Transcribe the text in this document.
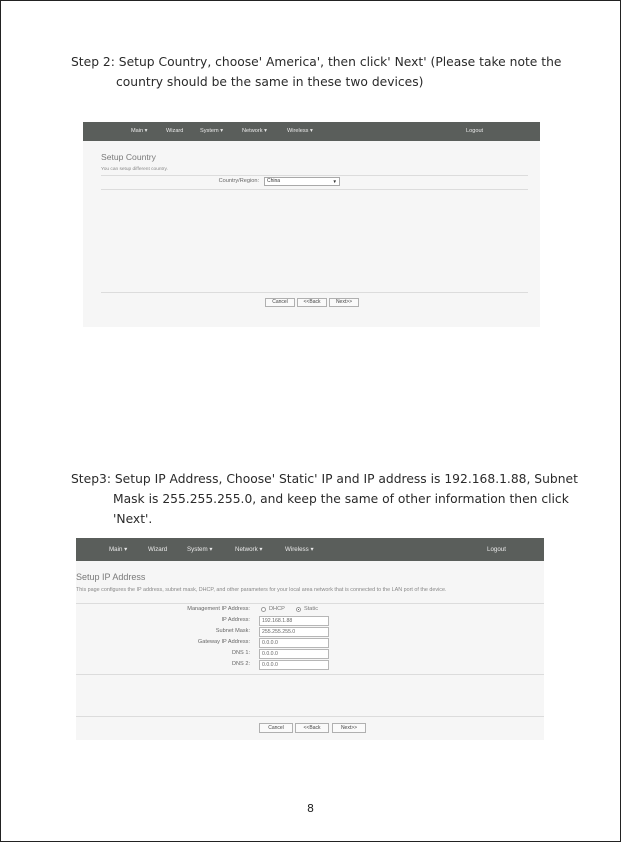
Step 2: Setup Country, choose' America', then click' Next' (Please take note the
country should be the same in these two devices)
Main ▾	Wizard	System ▾	Network ▾	Wireless ▾	Logout
Setup Country
You can setup different country.
Country/Region:	China	▼
Cancel	<<Back	Next>>
Step3: Setup IP Address, Choose' Static' IP and IP address is 192.168.1.88, Subnet
Mask is 255.255.255.0, and keep the same of other information then click
'Next'.
Main ▾	Wizard	System ▾	Network ▾	Wireless ▾	Logout
Setup IP Address
This page configures the IP address, subnet mask, DHCP, and other parameters for your local area network that is connected to the LAN port of the device.
Management IP Address:	DHCP	Static
IP Address:	192.168.1.88
Subnet Mask:	255.255.255.0
Gateway IP Address:	0.0.0.0
DNS 1:	0.0.0.0
DNS 2:	0.0.0.0
Cancel	<<Back	Next>>
8
